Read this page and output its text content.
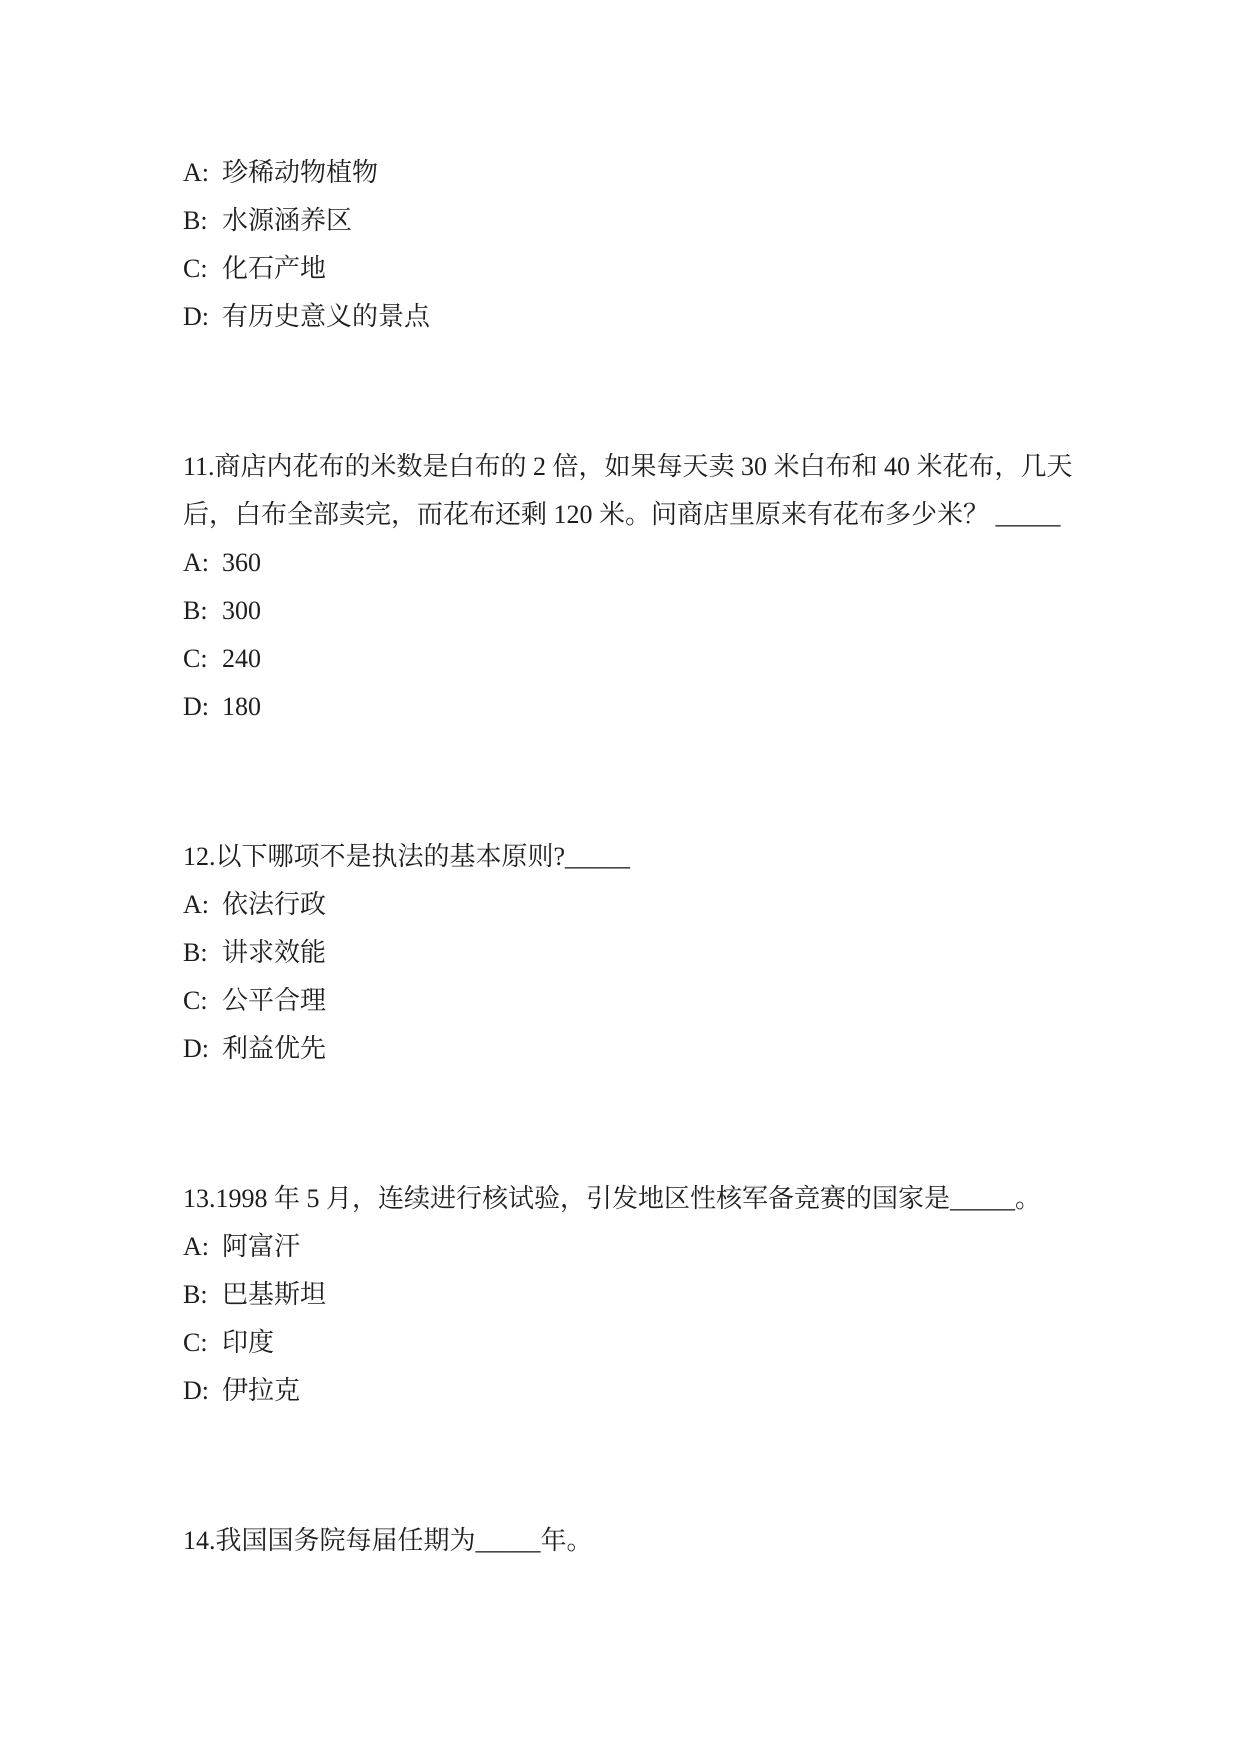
A: 珍稀动物植物
B: 水源涵养区
C: 化石产地
D: 有历史意义的景点
11.商店内花布的米数是白布的 2 倍，如果每天卖 30 米白布和 40 米花布，几天
后，白布全部卖完，而花布还剩 120 米。问商店里原来有花布多少米？ _____
A: 360
B: 300
C: 240
D: 180
12.以下哪项不是执法的基本原则?_____
A: 依法行政
B: 讲求效能
C: 公平合理
D: 利益优先
13.1998 年 5 月，连续进行核试验，引发地区性核军备竞赛的国家是_____。
A: 阿富汗
B: 巴基斯坦
C: 印度
D: 伊拉克
14.我国国务院每届任期为_____年。
